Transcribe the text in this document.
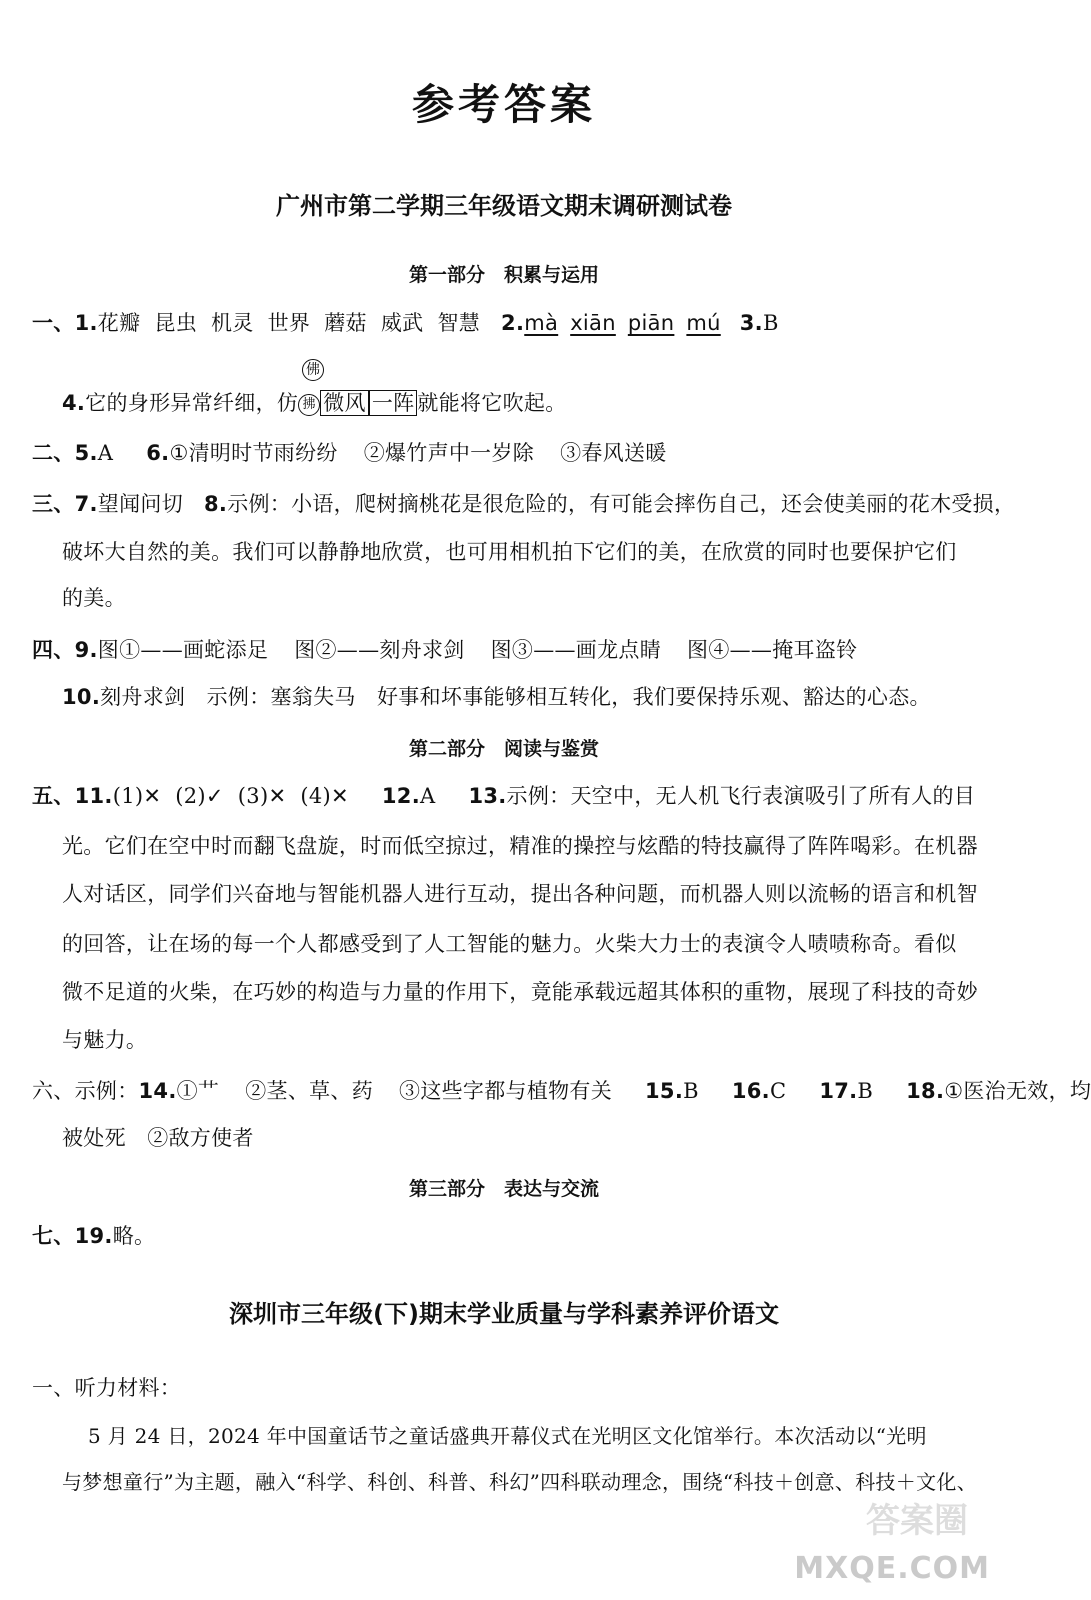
参考答案
广州市第二学期三年级语文期末调研测试卷
第一部分　积累与运用
一、1.花瓣 昆虫 机灵 世界 蘑菇 威武 智慧 2.mà xiān piān mú 3.B
4.它的身形异常纤细，仿
佛
拂 微风 一阵 就能将它吹起。
二、5.A 6.①清明时节雨纷纷 ②爆竹声中一岁除 ③春风送暖
三、7.望闻问切 8.示例：小语，爬树摘桃花是很危险的，有可能会摔伤自己，还会使美丽的花木受损，
破坏大自然的美。我们可以静静地欣赏，也可用相机拍下它们的美，在欣赏的同时也要保护它们
的美。
四、9.图①——画蛇添足 图②——刻舟求剑 图③——画龙点睛 图④——掩耳盗铃
10.刻舟求剑　示例：塞翁失马　好事和坏事能够相互转化，我们要保持乐观、豁达的心态。
第二部分　阅读与鉴赏
五、11.(1)✕ (2)✓ (3)✕ (4)✕ 12.A 13.示例：天空中，无人机飞行表演吸引了所有人的目
光。它们在空中时而翻飞盘旋，时而低空掠过，精准的操控与炫酷的特技赢得了阵阵喝彩。在机器
人对话区，同学们兴奋地与智能机器人进行互动，提出各种问题，而机器人则以流畅的语言和机智
的回答，让在场的每一个人都感受到了人工智能的魅力。火柴大力士的表演令人啧啧称奇。看似
微不足道的火柴，在巧妙的构造与力量的作用下，竟能承载远超其体积的重物，展现了科技的奇妙
与魅力。
六、示例：14.①艹 ②茎、草、药 ③这些字都与植物有关 15.B 16.C 17.B 18.①医治无效，均
被处死　②敌方使者
第三部分　表达与交流
七、19.略。
深圳市三年级(下)期末学业质量与学科素养评价语文
一、听力材料：
5 月 24 日，2024 年中国童话节之童话盛典开幕仪式在光明区文化馆举行。本次活动以“光明
与梦想童行”为主题，融入“科学、科创、科普、科幻”四科联动理念，围绕“科技＋创意、科技＋文化、
答案圈
MXQE.COM
